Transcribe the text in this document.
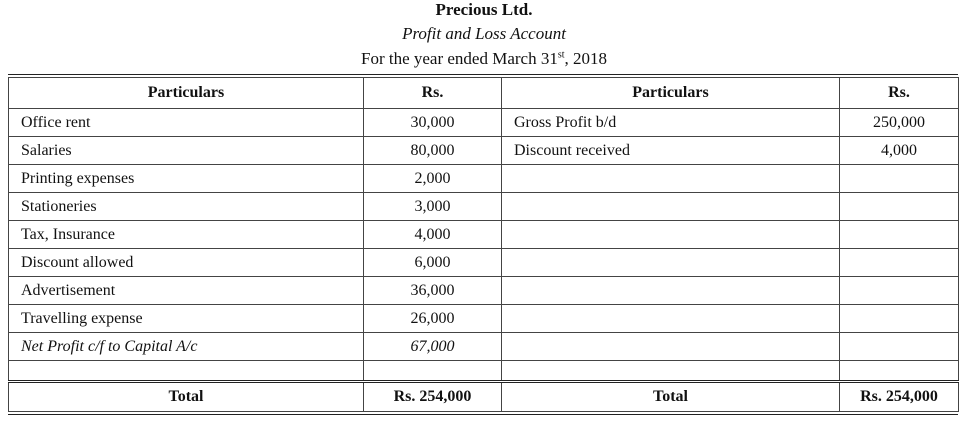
Precious Ltd.
Profit and Loss Account
For the year ended March 31st, 2018
Particulars	Rs.	Particulars	Rs.
Office rent	30,000	Gross Profit b/d	250,000
Salaries	80,000	Discount received	4,000
Printing expenses	2,000		
Stationeries	3,000		
Tax, Insurance	4,000		
Discount allowed	6,000		
Advertisement	36,000		
Travelling expense	26,000		
Net Profit c/f to Capital A/c	67,000		

Total	Rs. 254,000	Total	Rs. 254,000
